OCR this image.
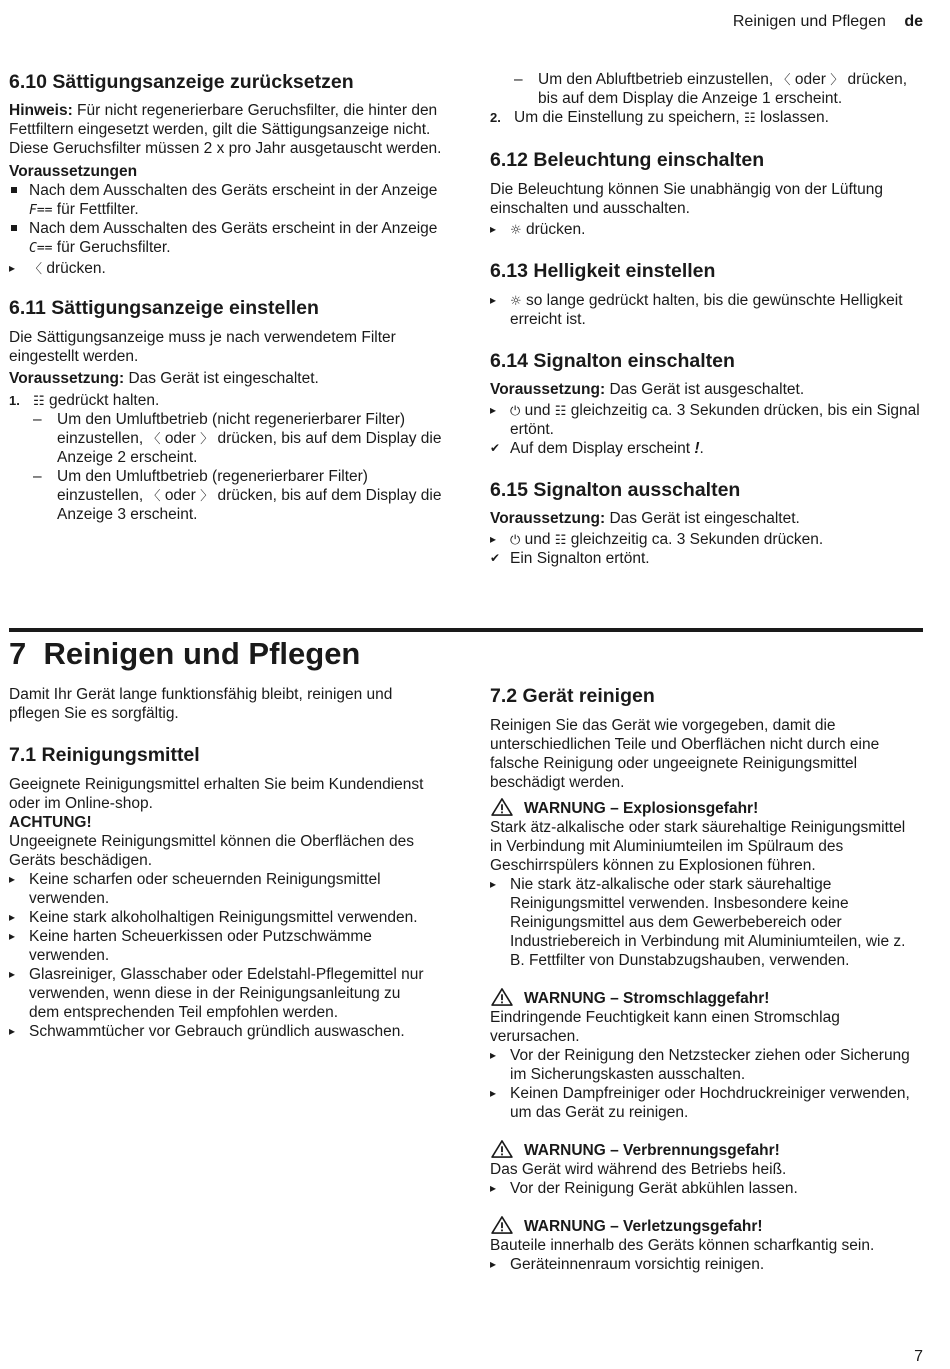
Reinigen und Pflegen de
6.10 Sättigungsanzeige zurücksetzen

Hinweis: Für nicht regenerierbare Geruchsfilter, die hinter den Fettfiltern eingesetzt werden, gilt die Sättigungsanzeige nicht. Diese Geruchsfilter müssen 2 x pro Jahr ausgetauscht werden.

Voraussetzungen

Nach dem Ausschalten des Geräts erscheint in der Anzeige F== für Fettfilter.
Nach dem Ausschalten des Geräts erscheint in der Anzeige C== für Geruchsfilter.
▸ 〈 drücken.
6.11 Sättigungsanzeige einstellen

Die Sättigungsanzeige muss je nach verwendetem Filter eingestellt werden.

Voraussetzung: Das Gerät ist eingeschaltet.

1. ☷ gedrückt halten.
– Um den Umluftbetrieb (nicht regenerierbarer Filter) einzustellen, 〈 oder 〉 drücken, bis auf dem Display die Anzeige 2 erscheint.
– Um den Umluftbetrieb (regenerierbarer Filter) einzustellen, 〈 oder 〉 drücken, bis auf dem Display die Anzeige 3 erscheint.
– Um den Abluftbetrieb einzustellen, 〈 oder 〉 drücken, bis auf dem Display die Anzeige 1 erscheint.
2. Um die Einstellung zu speichern, ☷ loslassen.
6.12 Beleuchtung einschalten

Die Beleuchtung können Sie unabhängig von der Lüftung einschalten und ausschalten.

▸ ☼ drücken.
6.13 Helligkeit einstellen
▸ ☼ so lange gedrückt halten, bis die gewünschte Helligkeit erreicht ist.
6.14 Signalton einschalten

Voraussetzung: Das Gerät ist ausgeschaltet.

▸ ⏻ und ☷ gleichzeitig ca. 3 Sekunden drücken, bis ein Signal ertönt.
✔ Auf dem Display erscheint !.
6.15 Signalton ausschalten

Voraussetzung: Das Gerät ist eingeschaltet.

▸ ⏻ und ☷ gleichzeitig ca. 3 Sekunden drücken.
✔ Ein Signalton ertönt.
7  Reinigen und Pflegen

Damit Ihr Gerät lange funktionsfähig bleibt, reinigen und pflegen Sie es sorgfältig.

7.1 Reinigungsmittel

Geeignete Reinigungsmittel erhalten Sie beim Kundendienst oder im Online-shop.

ACHTUNG!

Ungeeignete Reinigungsmittel können die Oberflächen des Geräts beschädigen.

▸ Keine scharfen oder scheuernden Reinigungsmittel verwenden.
▸ Keine stark alkoholhaltigen Reinigungsmittel verwenden.
▸ Keine harten Scheuerkissen oder Putzschwämme verwenden.
▸ Glasreiniger, Glasschaber oder Edelstahl-Pflegemittel nur verwenden, wenn diese in der Reinigungsanleitung zu dem entsprechenden Teil empfohlen werden.
▸ Schwammtücher vor Gebrauch gründlich auswaschen.
7.2 Gerät reinigen

Reinigen Sie das Gerät wie vorgegeben, damit die unterschiedlichen Teile und Oberflächen nicht durch eine falsche Reinigung oder ungeeignete Reinigungsmittel beschädigt werden.

WARNUNG – Explosionsgefahr!

Stark ätz-alkalische oder stark säurehaltige Reinigungsmittel in Verbindung mit Aluminiumteilen im Spülraum des Geschirrspülers können zu Explosionen führen.

▸ Nie stark ätz-alkalische oder stark säurehaltige Reinigungsmittel verwenden. Insbesondere keine Reinigungsmittel aus dem Gewerbebereich oder Industriebereich in Verbindung mit Aluminiumteilen, wie z. B. Fettfilter von Dunstabzugshauben, verwenden.
WARNUNG – Stromschlaggefahr!

Eindringende Feuchtigkeit kann einen Stromschlag verursachen.

▸ Vor der Reinigung den Netzstecker ziehen oder Sicherung im Sicherungskasten ausschalten.
▸ Keinen Dampfreiniger oder Hochdruckreiniger verwenden, um das Gerät zu reinigen.
WARNUNG – Verbrennungsgefahr!

Das Gerät wird während des Betriebs heiß.

▸ Vor der Reinigung Gerät abkühlen lassen.
WARNUNG – Verletzungsgefahr!

Bauteile innerhalb des Geräts können scharfkantig sein.

▸ Geräteinnenraum vorsichtig reinigen.
7
